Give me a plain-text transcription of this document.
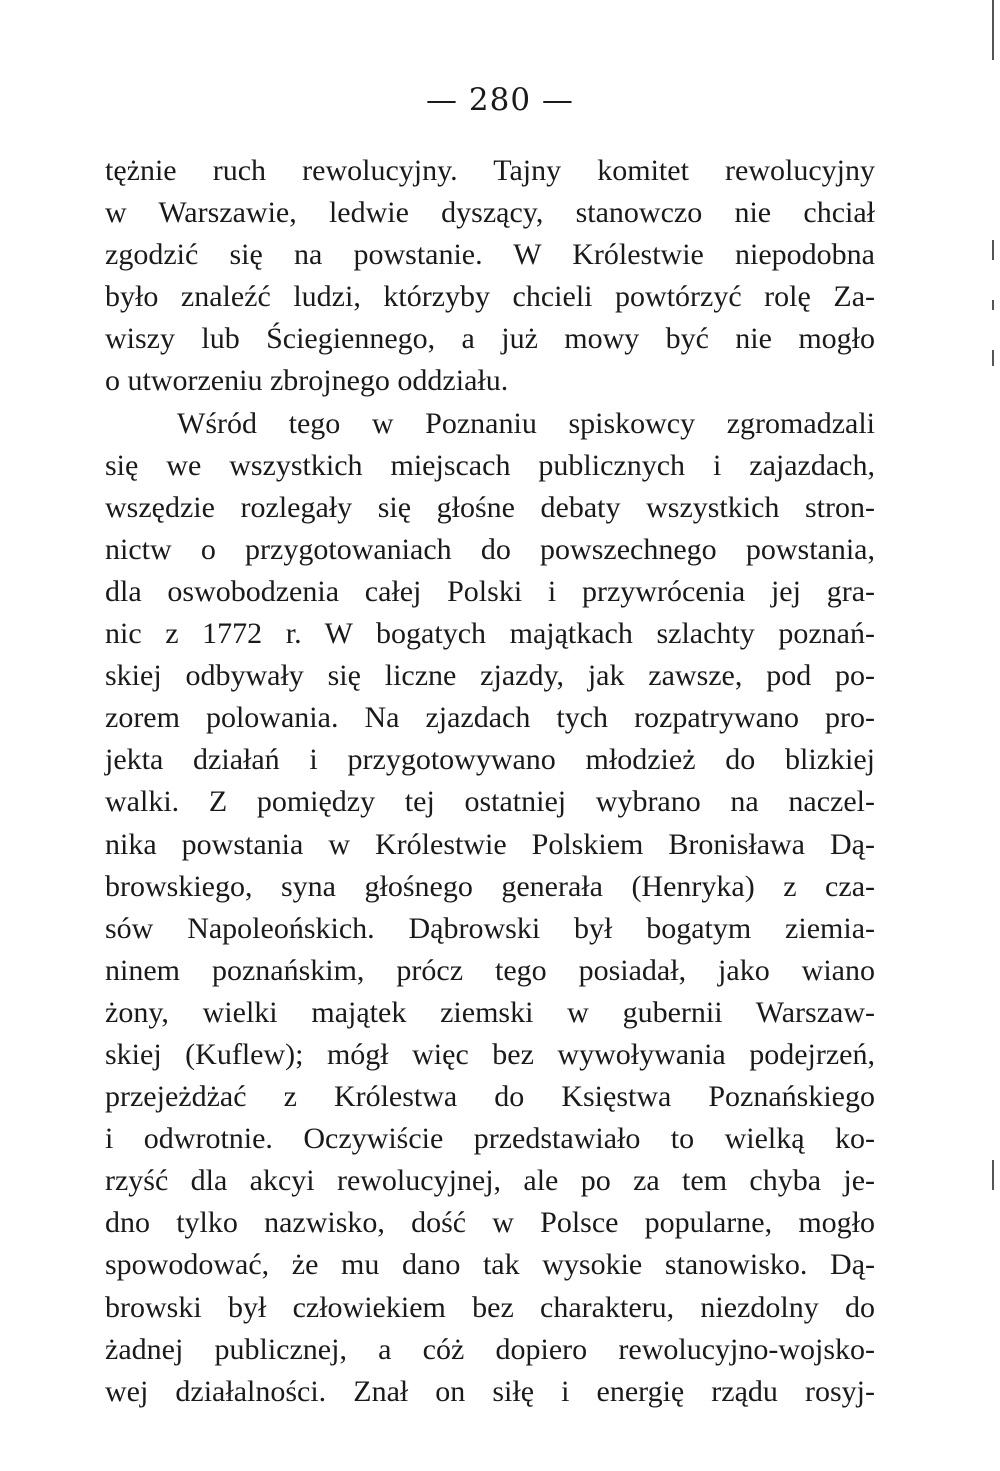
— 280 —
tężnie ruch rewolucyjny. Tajny komitet rewolucyjny
w Warszawie, ledwie dyszący, stanowczo nie chciał
zgodzić się na powstanie. W Królestwie niepodobna
było znaleźć ludzi, którzyby chcieli powtórzyć rolę Za-
wiszy lub Ściegiennego, a już mowy być nie mogło
o utworzeniu zbrojnego oddziału.
Wśród tego w Poznaniu spiskowcy zgromadzali
się we wszystkich miejscach publicznych i zajazdach,
wszędzie rozlegały się głośne debaty wszystkich stron-
nictw o przygotowaniach do powszechnego powstania,
dla oswobodzenia całej Polski i przywrócenia jej gra-
nic z 1772 r. W bogatych majątkach szlachty poznań-
skiej odbywały się liczne zjazdy, jak zawsze, pod po-
zorem polowania. Na zjazdach tych rozpatrywano pro-
jekta działań i przygotowywano młodzież do blizkiej
walki. Z pomiędzy tej ostatniej wybrano na naczel-
nika powstania w Królestwie Polskiem Bronisława Dą-
browskiego, syna głośnego generała (Henryka) z cza-
sów Napoleońskich. Dąbrowski był bogatym ziemia-
ninem poznańskim, prócz tego posiadał, jako wiano
żony, wielki majątek ziemski w gubernii Warszaw-
skiej (Kuflew); mógł więc bez wywoływania podejrzeń,
przejeżdżać z Królestwa do Księstwa Poznańskiego
i odwrotnie. Oczywiście przedstawiało to wielką ko-
rzyść dla akcyi rewolucyjnej, ale po za tem chyba je-
dno tylko nazwisko, dość w Polsce popularne, mogło
spowodować, że mu dano tak wysokie stanowisko. Dą-
browski był człowiekiem bez charakteru, niezdolny do
żadnej publicznej, a cóż dopiero rewolucyjno-wojsko-
wej działalności. Znał on siłę i energię rządu rosyj-
